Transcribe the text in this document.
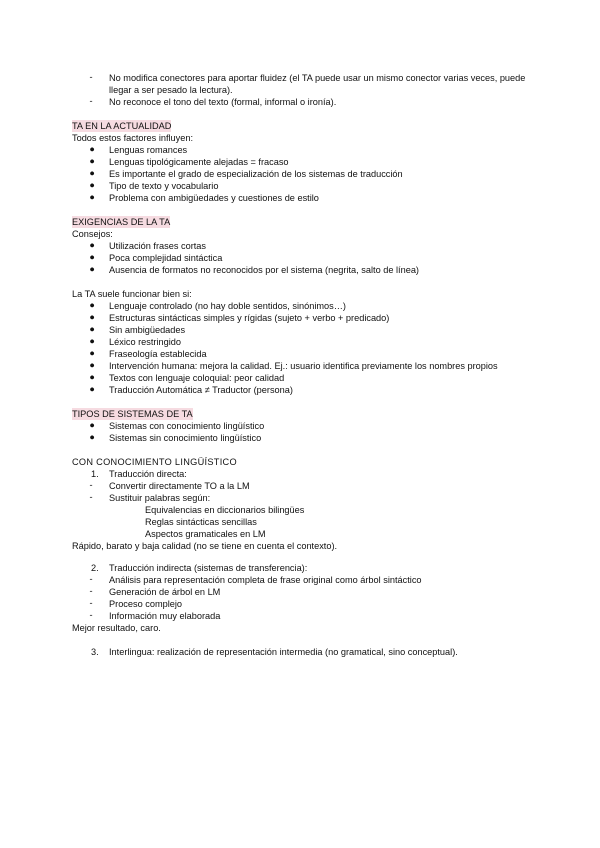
-	No modifica conectores para aportar fluidez (el TA puede usar un mismo conector varias veces, puede
llegar a ser pesado la lectura).
-	No reconoce el tono del texto (formal, informal o ironía).
TA EN LA ACTUALIDAD
Todos estos factores influyen:
●	Lenguas romances
●	Lenguas tipológicamente alejadas = fracaso
●	Es importante el grado de especialización de los sistemas de traducción
●	Tipo de texto y vocabulario
●	Problema con ambigüedades y cuestiones de estilo
EXIGENCIAS DE LA TA
Consejos:
●	Utilización frases cortas
●	Poca complejidad sintáctica
●	Ausencia de formatos no reconocidos por el sistema (negrita, salto de línea)
La TA suele funcionar bien si:
●	Lenguaje controlado (no hay doble sentidos, sinónimos…)
●	Estructuras sintácticas simples y rígidas (sujeto + verbo + predicado)
●	Sin ambigüedades
●	Léxico restringido
●	Fraseología establecida
●	Intervención humana: mejora la calidad. Ej.: usuario identifica previamente los nombres propios
●	Textos con lenguaje coloquial: peor calidad
●	Traducción Automática ≠ Traductor (persona)
TIPOS DE SISTEMAS DE TA
●	Sistemas con conocimiento lingüístico
●	Sistemas sin conocimiento lingüístico
CON CONOCIMIENTO LINGÜÍSTICO
1. Traducción directa:
-	Convertir directamente TO a la LM
-	Sustituir palabras según:
Equivalencias en diccionarios bilingües
Reglas sintácticas sencillas
Aspectos gramaticales en LM
Rápido, barato y baja calidad (no se tiene en cuenta el contexto).
2. Traducción indirecta (sistemas de transferencia):
-	Análisis para representación completa de frase original como árbol sintáctico
-	Generación de árbol en LM
-	Proceso complejo
-	Información muy elaborada
Mejor resultado, caro.
3. Interlingua: realización de representación intermedia (no gramatical, sino conceptual).
